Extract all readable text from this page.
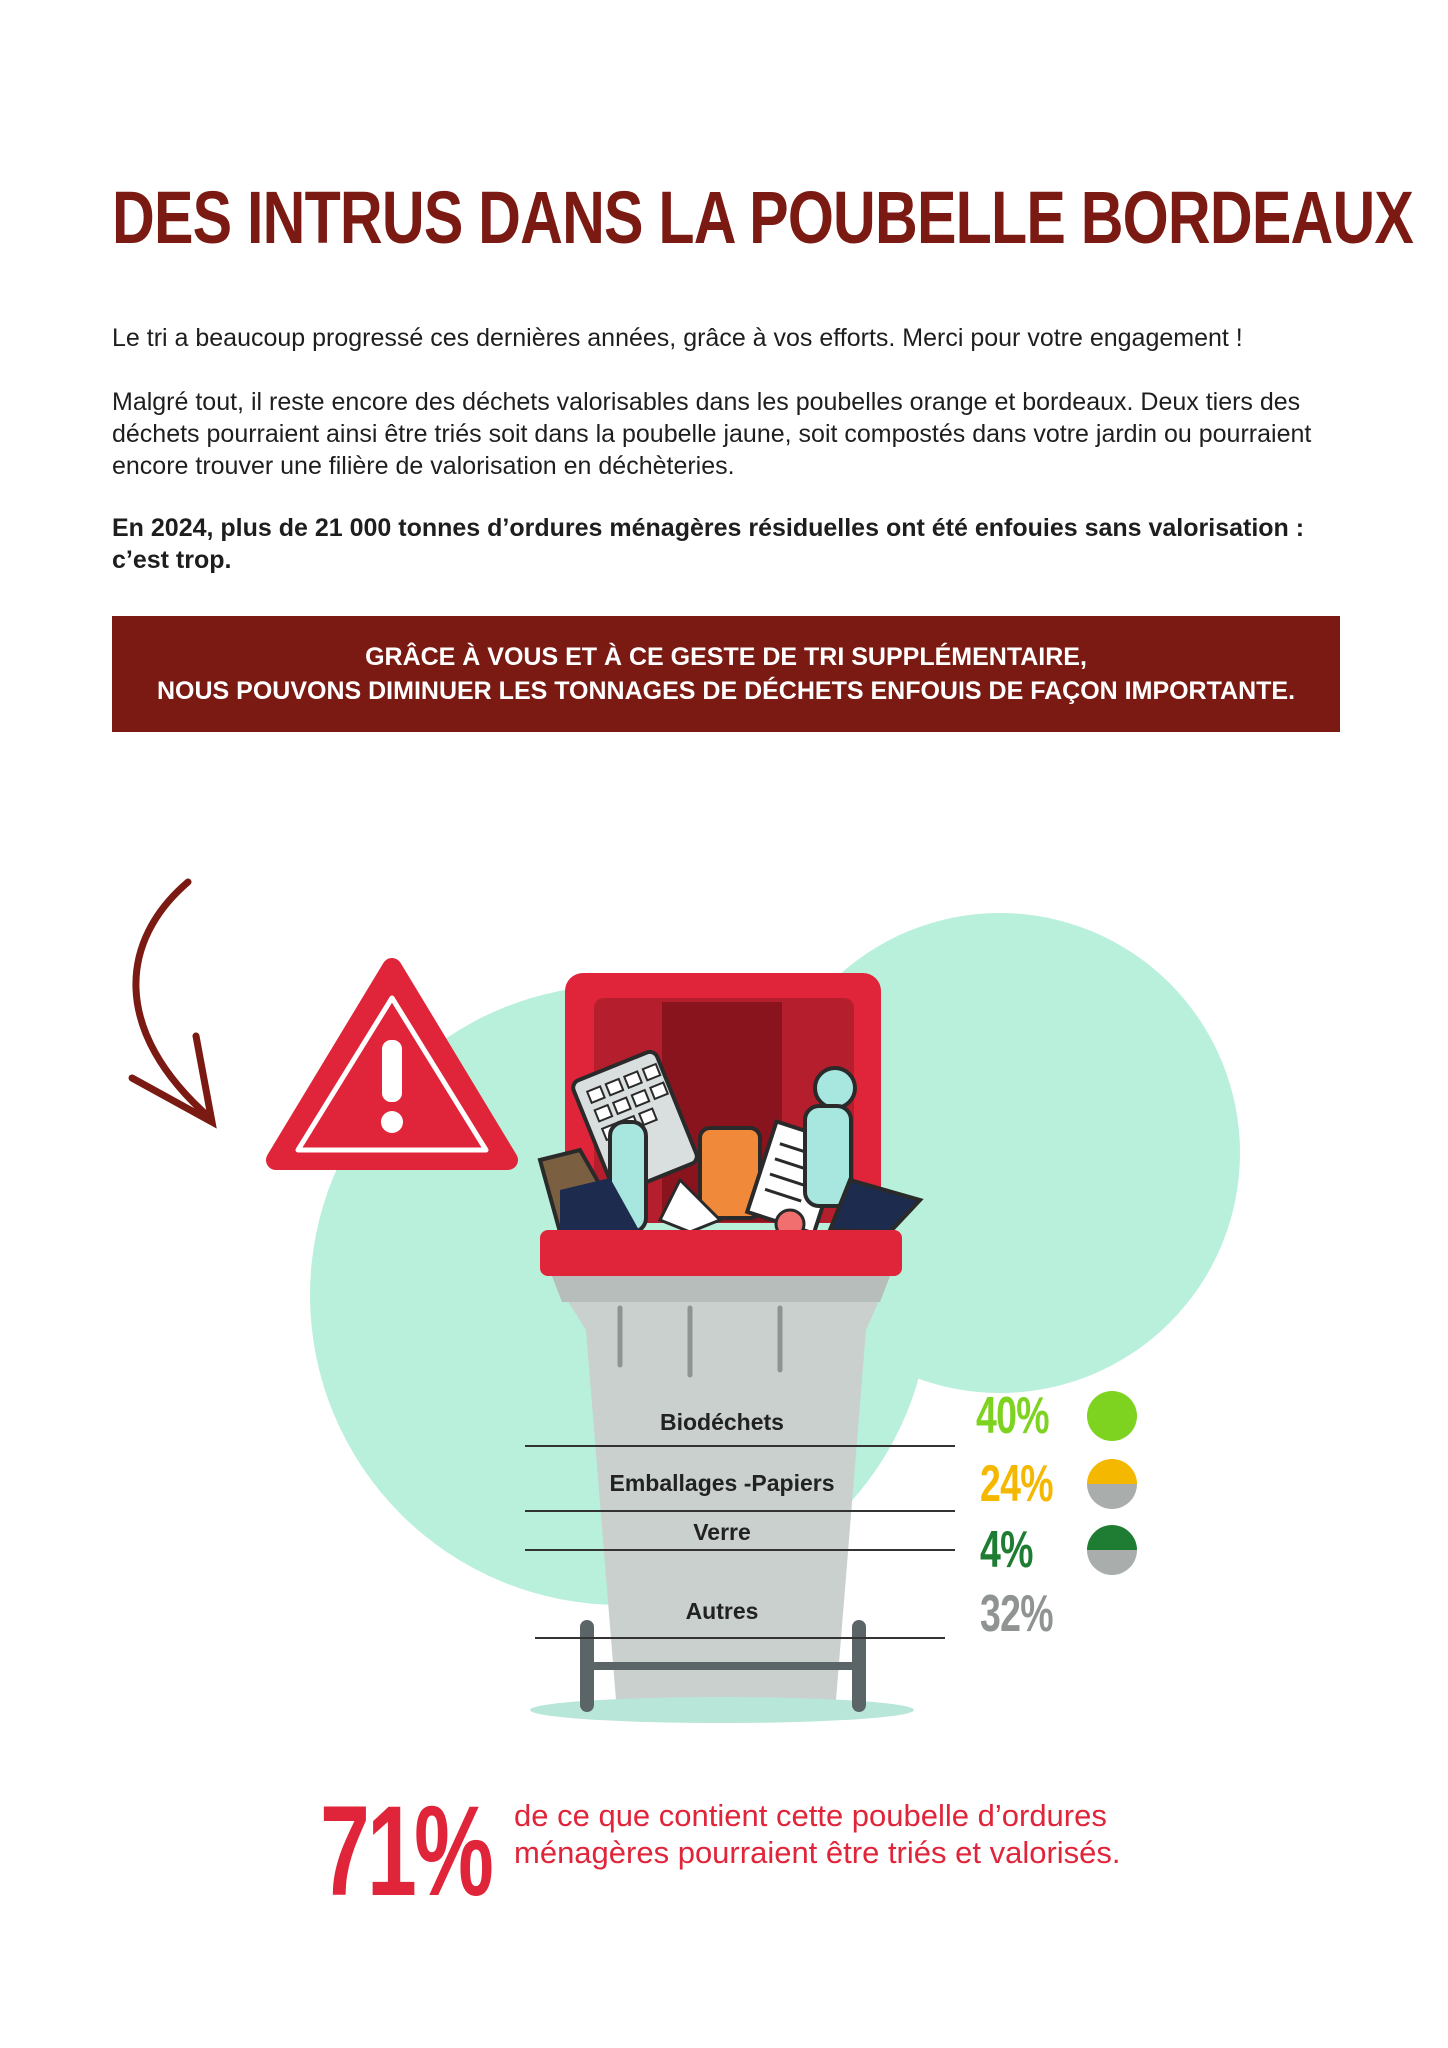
DES INTRUS DANS LA POUBELLE BORDEAUX
Le tri a beaucoup progressé ces dernières années, grâce à vos efforts. Merci pour votre engagement !
Malgré tout, il reste encore des déchets valorisables dans les poubelles orange et bordeaux. Deux tiers des déchets pourraient ainsi être triés soit dans la poubelle jaune, soit compostés dans votre jardin ou pourraient encore trouver une filière de valorisation en déchèteries.
En 2024, plus de 21 000 tonnes d’ordures ménagères résiduelles ont été enfouies sans valorisation : c’est trop.
GRÂCE À VOUS ET À CE GESTE DE TRI SUPPLÉMENTAIRE,
NOUS POUVONS DIMINUER LES TONNAGES DE DÉCHETS ENFOUIS DE FAÇON IMPORTANTE.
Biodéchets
Emballages -Papiers
Verre
Autres
40%
24%
4%
32%
71% de ce que contient cette poubelle d’ordures ménagères pourraient être triés et valorisés.
